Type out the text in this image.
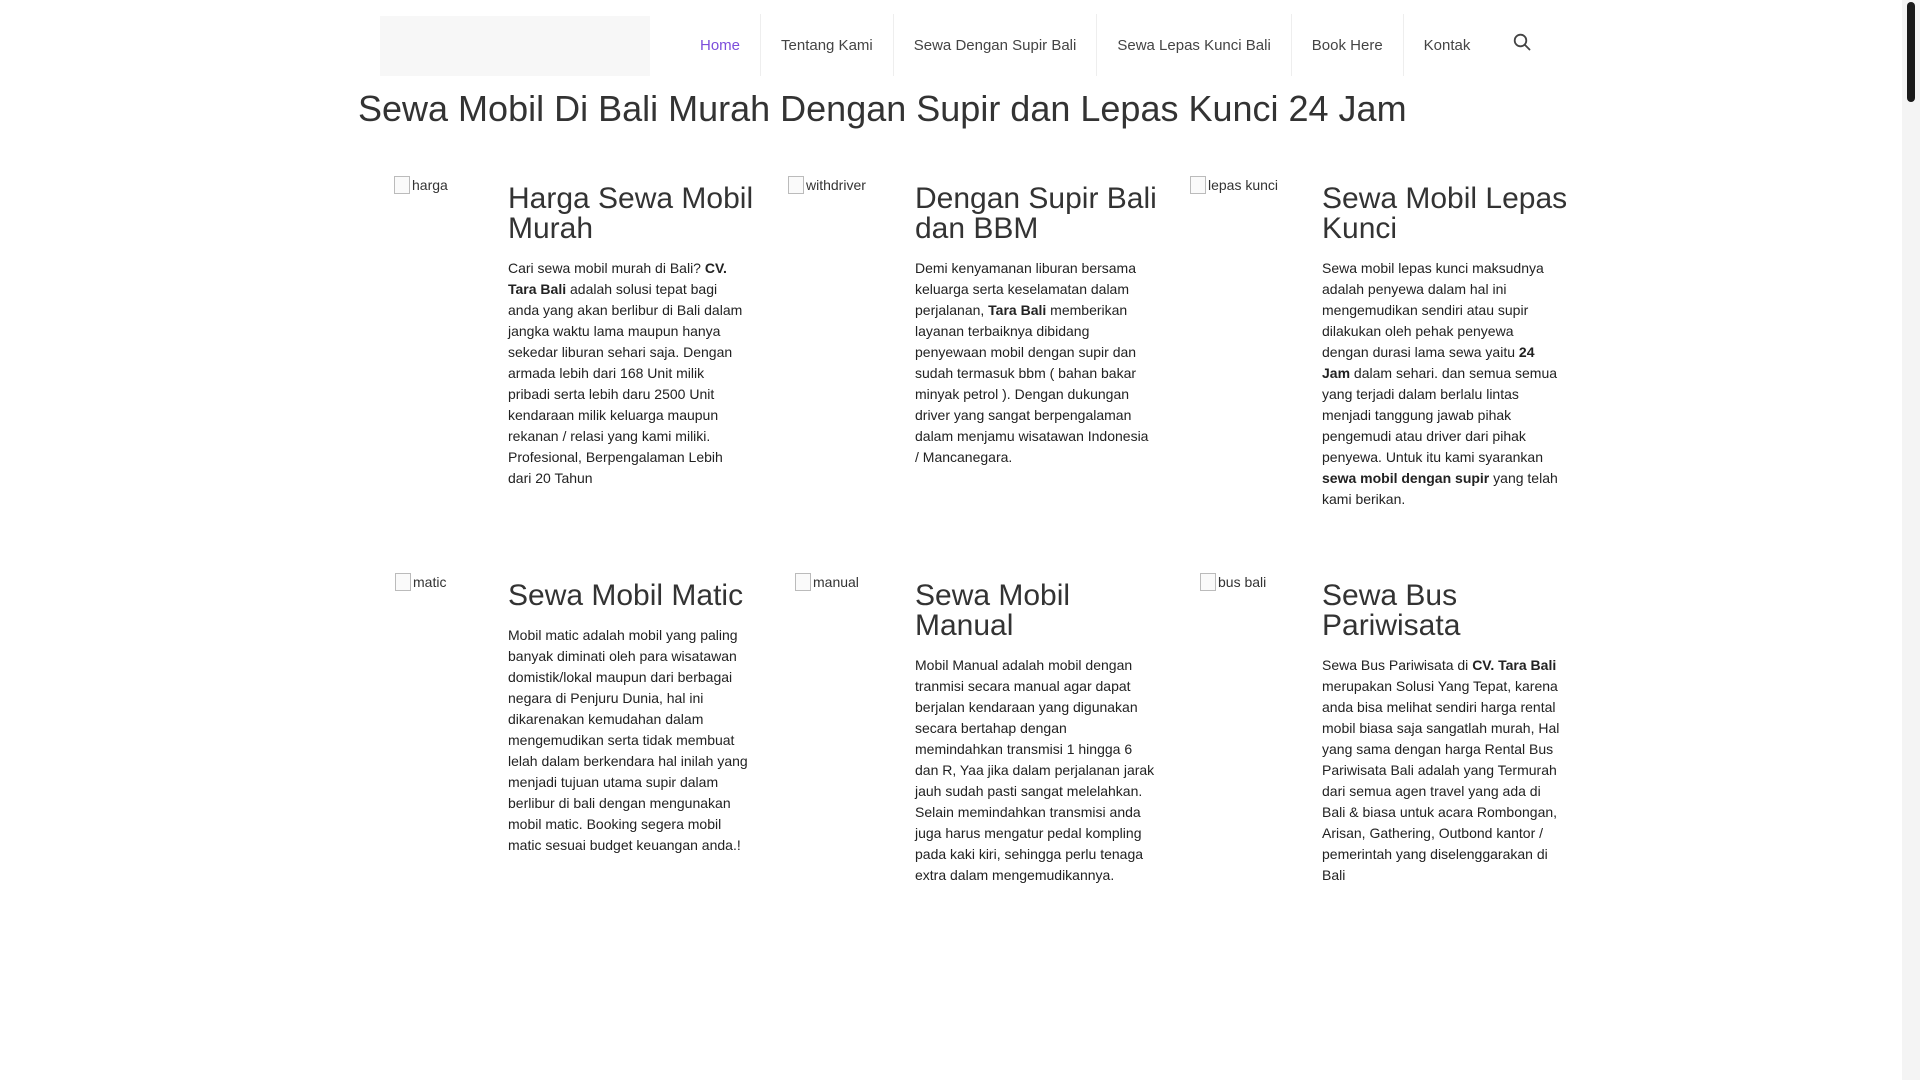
Home	Tentang Kami	Sewa Dengan Supir Bali	Sewa Lepas Kunci Bali	Book Here	Kontak
Sewa Mobil Di Bali Murah Dengan Supir dan Lepas Kunci 24 Jam
harga Harga Sewa Mobil Murah

Cari sewa mobil murah di Bali? CV. Tara Bali adalah solusi tepat bagi anda yang akan berlibur di Bali dalam jangka waktu lama maupun hanya sekedar liburan sehari saja. Dengan armada lebih dari 168 Unit milik pribadi serta lebih daru 2500 Unit kendaraan milik keluarga maupun rekanan / relasi yang kami miliki. Profesional, Berpengalaman Lebih dari 20 Tahun

withdriver Dengan Supir Bali dan BBM

Demi kenyamanan liburan bersama keluarga serta keselamatan dalam perjalanan, Tara Bali memberikan layanan terbaiknya dibidang penyewaan mobil dengan supir dan sudah termasuk bbm ( bahan bakar minyak petrol ). Dengan dukungan driver yang sangat berpengalaman dalam menjamu wisatawan Indonesia / Mancanegara.

lepas kunci Sewa Mobil Lepas Kunci

Sewa mobil lepas kunci maksudnya adalah penyewa dalam hal ini mengemudikan sendiri atau supir dilakukan oleh pehak penyewa dengan durasi lama sewa yaitu 24 Jam dalam sehari. dan semua semua yang terjadi dalam berlalu lintas menjadi tanggung jawab pihak pengemudi atau driver dari pihak penyewa. Untuk itu kami syarankan sewa mobil dengan supir yang telah kami berikan.

matic Sewa Mobil Matic

Mobil matic adalah mobil yang paling banyak diminati oleh para wisatawan domistik/lokal maupun dari berbagai negara di Penjuru Dunia, hal ini dikarenakan kemudahan dalam mengemudikan serta tidak membuat lelah dalam berkendara hal inilah yang menjadi tujuan utama supir dalam berlibur di bali dengan mengunakan mobil matic. Booking segera mobil matic sesuai budget keuangan anda.!

manual Sewa Mobil Manual

Mobil Manual adalah mobil dengan tranmisi secara manual agar dapat berjalan kendaraan yang digunakan secara bertahap dengan memindahkan transmisi 1 hingga 6 dan R, Yaa jika dalam perjalanan jarak jauh sudah pasti sangat melelahkan. Selain memindahkan transmisi anda juga harus mengatur pedal kompling pada kaki kiri, sehingga perlu tenaga extra dalam mengemudikannya.

bus bali Sewa Bus Pariwisata

Sewa Bus Pariwisata di CV. Tara Bali merupakan Solusi Yang Tepat, karena anda bisa melihat sendiri harga rental mobil biasa saja sangatlah murah, Hal yang sama dengan harga Rental Bus Pariwisata Bali adalah yang Termurah dari semua agen travel yang ada di Bali & biasa untuk acara Rombongan, Arisan, Gathering, Outbond kantor / pemerintah yang diselenggarakan di Bali
